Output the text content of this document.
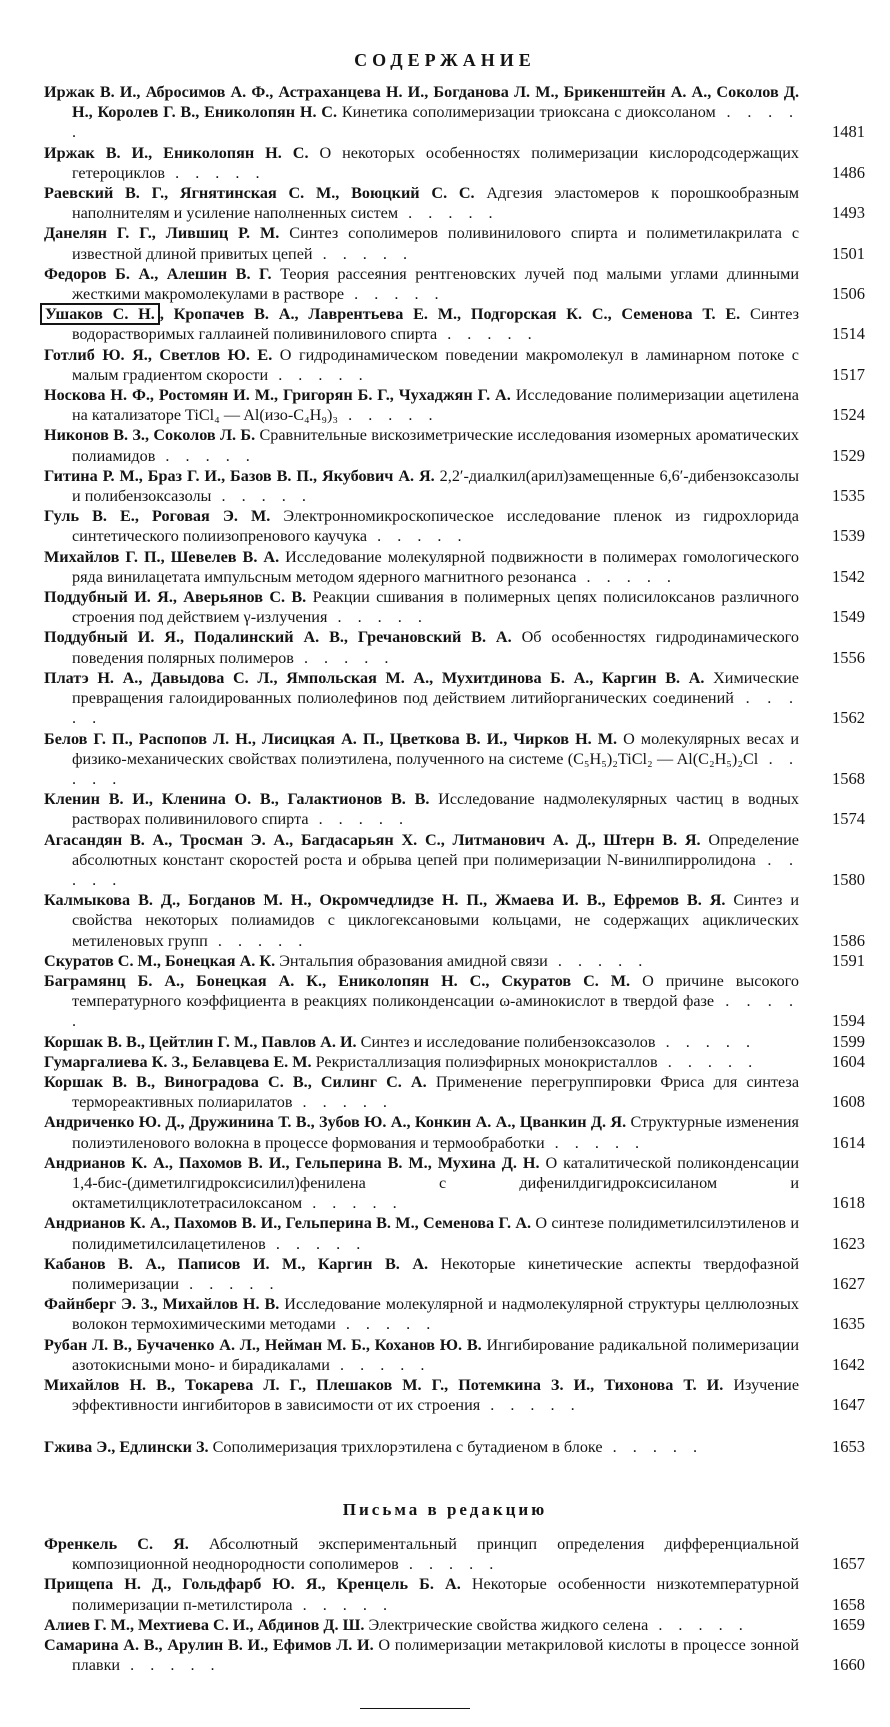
СОДЕРЖАНИЕ
Иржак В. И., Абросимов А. Ф., Астраханцева Н. И., Богданова Л. М., Брикенштейн А. А., Соколов Д. Н., Королев Г. В., Ениколопян Н. С. Кинетика сополимеризации триоксана с диоксоланом . . . . .	1481
Иржак В. И., Ениколопян Н. С. О некоторых особенностях полимеризации кислородсодержащих гетероциклов . . . . .	1486
Раевский В. Г., Ягнятинская С. М., Воюцкий С. С. Адгезия эластомеров к порошкообразным наполнителям и усиление наполненных систем . . . . .	1493
Данелян Г. Г., Лившиц Р. М. Синтез сополимеров поливинилового спирта и полиметилакрилата с известной длиной привитых цепей . . . . .	1501
Федоров Б. А., Алешин В. Г. Теория рассеяния рентгеновских лучей под малыми углами длинными жесткими макромолекулами в растворе . . . . .	1506
Ушаков С. Н. , Кропачев В. А., Лаврентьева Е. М., Подгорская К. С., Семенова Т. Е. Синтез водорастворимых галлаиней поливинилового спирта . . . . .	1514
Готлиб Ю. Я., Светлов Ю. Е. О гидродинамическом поведении макромолекул в ламинарном потоке с малым градиентом скорости . . . . .	1517
Носкова Н. Ф., Ростомян И. М., Григорян Б. Г., Чухаджян Г. А. Исследование полимеризации ацетилена на катализаторе TiCl₄ — Al(изо-C₄H₉)₃ . . . . .	1524
Никонов В. З., Соколов Л. Б. Сравнительные вискозиметрические исследования изомерных ароматических полиамидов . . . . .	1529
Гитина Р. М., Браз Г. И., Базов В. П., Якубович А. Я. 2,2′-диалкил(арил)замещенные 6,6′-дибензоксазолы и полибензоксазолы . . . . .	1535
Гуль В. Е., Роговая Э. М. Электронномикроскопическое исследование пленок из гидрохлорида синтетического полиизопренового каучука . . . . .	1539
Михайлов Г. П., Шевелев В. А. Исследование молекулярной подвижности в полимерах гомологического ряда винилацетата импульсным методом ядерного магнитного резонанса . . . . .	1542
Поддубный И. Я., Аверьянов С. В. Реакции сшивания в полимерных цепях полисилоксанов различного строения под действием γ-излучения . . . . .	1549
Поддубный И. Я., Подалинский А. В., Гречановский В. А. Об особенностях гидродинамического поведения полярных полимеров . . . . .	1556
Платэ Н. А., Давыдова С. Л., Ямпольская М. А., Мухитдинова Б. А., Каргин В. А. Химические превращения галоидированных полиолефинов под действием литийорганических соединений . . . . .	1562
Белов Г. П., Распопов Л. Н., Лисицкая А. П., Цветкова В. И., Чирков Н. М. О молекулярных весах и физико-механических свойствах полиэтилена, полученного на системе (C₅H₅)₂TiCl₂ — Al(C₂H₅)₂Cl . . . . .	1568
Кленин В. И., Кленина О. В., Галактионов В. В. Исследование надмолекулярных частиц в водных растворах поливинилового спирта . . . . .	1574
Агасандян В. А., Тросман Э. А., Багдасарьян Х. С., Литманович А. Д., Штерн В. Я. Определение абсолютных констант скоростей роста и обрыва цепей при полимеризации N-винилпирролидона . . . . .	1580
Калмыкова В. Д., Богданов М. Н., Окромчедлидзе Н. П., Жмаева И. В., Ефремов В. Я. Синтез и свойства некоторых полиамидов с циклогексановыми кольцами, не содержащих ациклических метиленовых групп . . . . .	1586
Скуратов С. М., Бонецкая А. К. Энтальпия образования амидной связи . . . . .	1591
Баграмянц Б. А., Бонецкая А. К., Ениколопян Н. С., Скуратов С. М. О причине высокого температурного коэффициента в реакциях поликонденсации ω-аминокислот в твердой фазе . . . . .	1594
Коршак В. В., Цейтлин Г. М., Павлов А. И. Синтез и исследование полибензоксазолов . . . . .	1599
Гумаргалиева К. З., Белавцева Е. М. Рекристаллизация полиэфирных монокристаллов . . . . .	1604
Коршак В. В., Виноградова С. В., Силинг С. А. Применение перегруппировки Фриса для синтеза термореактивных полиарилатов . . . . .	1608
Андриченко Ю. Д., Дружинина Т. В., Зубов Ю. А., Конкин А. А., Цванкин Д. Я. Структурные изменения полиэтиленового волокна в процессе формования и термообработки . . . . .	1614
Андрианов К. А., Пахомов В. И., Гельперина В. М., Мухина Д. Н. О каталитической поликонденсации 1,4-бис-(диметилгидроксисилил)фенилена с дифенилдигидроксисиланом и октаметилциклотетрасилоксаном . . . . .	1618
Андрианов К. А., Пахомов В. И., Гельперина В. М., Семенова Г. А. О синтезе полидиметилсилэтиленов и полидиметилсилацетиленов . . . . .	1623
Кабанов В. А., Паписов И. М., Каргин В. А. Некоторые кинетические аспекты твердофазной полимеризации . . . . .	1627
Файнберг Э. З., Михайлов Н. В. Исследование молекулярной и надмолекулярной структуры целлюлозных волокон термохимическими методами . . . . .	1635
Рубан Л. В., Бучаченко А. Л., Нейман М. Б., Коханов Ю. В. Ингибирование радикальной полимеризации азотокисными моно- и бирадикалами . . . . .	1642
Михайлов Н. В., Токарева Л. Г., Плешаков М. Г., Потемкина З. И., Тихонова Т. И. Изучение эффективности ингибиторов в зависимости от их строения . . . . .	1647
Гжива Э., Едлински З. Сополимеризация трихлорэтилена с бутадиеном в блоке . . . . .	1653
Письма в редакцию
Френкель С. Я. Абсолютный экспериментальный принцип определения дифференциальной композиционной неоднородности сополимеров . . . . .	1657
Прищепа Н. Д., Гольдфарб Ю. Я., Кренцель Б. А. Некоторые особенности низкотемпературной полимеризации п-метилстирола . . . . .	1658
Алиев Г. М., Мехтиева С. И., Абдинов Д. Ш. Электрические свойства жидкого селена . . . . .	1659
Самарина А. В., Арулин В. И., Ефимов Л. И. О полимеризации метакриловой кислоты в процессе зонной плавки . . . . .	1660
